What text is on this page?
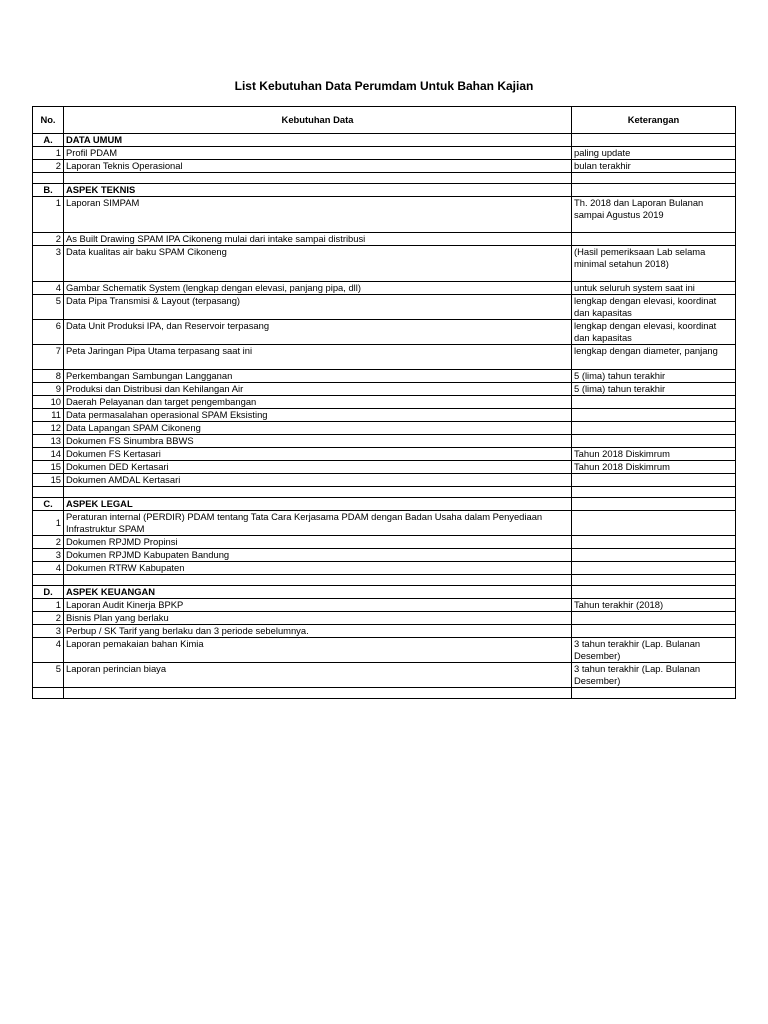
List Kebutuhan Data Perumdam Untuk Bahan Kajian
No.	Kebutuhan Data	Keterangan
A.	DATA UMUM	
1	Profil PDAM	paling update
2	Laporan Teknis Operasional	bulan terakhir

B.	ASPEK TEKNIS	
1	Laporan SIMPAM	Th. 2018 dan Laporan Bulanan sampai Agustus 2019
2	As Built Drawing SPAM IPA Cikoneng mulai dari intake sampai distribusi	
3	Data kualitas air baku SPAM Cikoneng	(Hasil pemeriksaan Lab selama minimal setahun 2018)
4	Gambar Schematik System (lengkap dengan elevasi, panjang pipa, dll)	untuk seluruh system saat ini
5	Data Pipa Transmisi & Layout (terpasang)	lengkap dengan elevasi, koordinat dan kapasitas
6	Data Unit Produksi IPA, dan Reservoir terpasang	lengkap dengan elevasi, koordinat dan kapasitas
7	Peta Jaringan Pipa Utama terpasang saat ini	lengkap dengan diameter, panjang
8	Perkembangan Sambungan Langganan	5 (lima) tahun terakhir
9	Produksi dan Distribusi dan Kehilangan Air	5 (lima) tahun terakhir
10	Daerah Pelayanan dan target pengembangan	
11	Data permasalahan operasional SPAM Eksisting	
12	Data Lapangan SPAM Cikoneng	
13	Dokumen FS Sinumbra BBWS	
14	Dokumen FS Kertasari	Tahun 2018 Diskimrum
15	Dokumen DED Kertasari	Tahun 2018 Diskimrum
15	Dokumen AMDAL Kertasari	

C.	ASPEK LEGAL	
1	Peraturan internal (PERDIR) PDAM tentang Tata Cara Kerjasama PDAM dengan Badan Usaha dalam Penyediaan Infrastruktur SPAM	
2	Dokumen RPJMD Propinsi	
3	Dokumen RPJMD Kabupaten Bandung	
4	Dokumen RTRW Kabupaten	

D.	ASPEK KEUANGAN	
1	Laporan Audit Kinerja BPKP	Tahun terakhir (2018)
2	Bisnis Plan yang berlaku	
3	Perbup / SK Tarif yang berlaku dan 3 periode sebelumnya.	
4	Laporan pemakaian bahan Kimia	3 tahun terakhir (Lap. Bulanan Desember)
5	Laporan perincian biaya	3 tahun terakhir (Lap. Bulanan Desember)
